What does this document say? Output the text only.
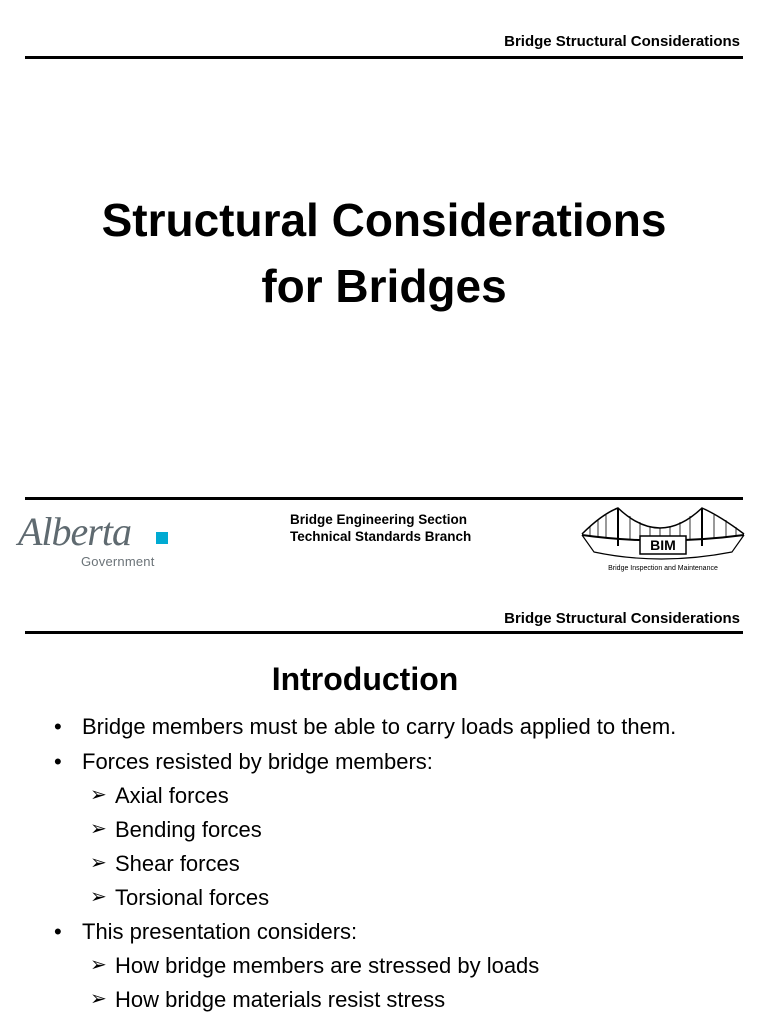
Bridge Structural Considerations
Structural Considerations
for Bridges
Alberta
Government
Bridge Engineering Section
Technical Standards Branch
BIM
Bridge Inspection and Maintenance
Bridge Structural Considerations
Introduction
• Bridge members must be able to carry loads applied to them.
• Forces resisted by bridge members:
➢ Axial forces
➢ Bending forces
➢ Shear forces
➢ Torsional forces
• This presentation considers:
➢ How bridge members are stressed by loads
➢ How bridge materials resist stress
